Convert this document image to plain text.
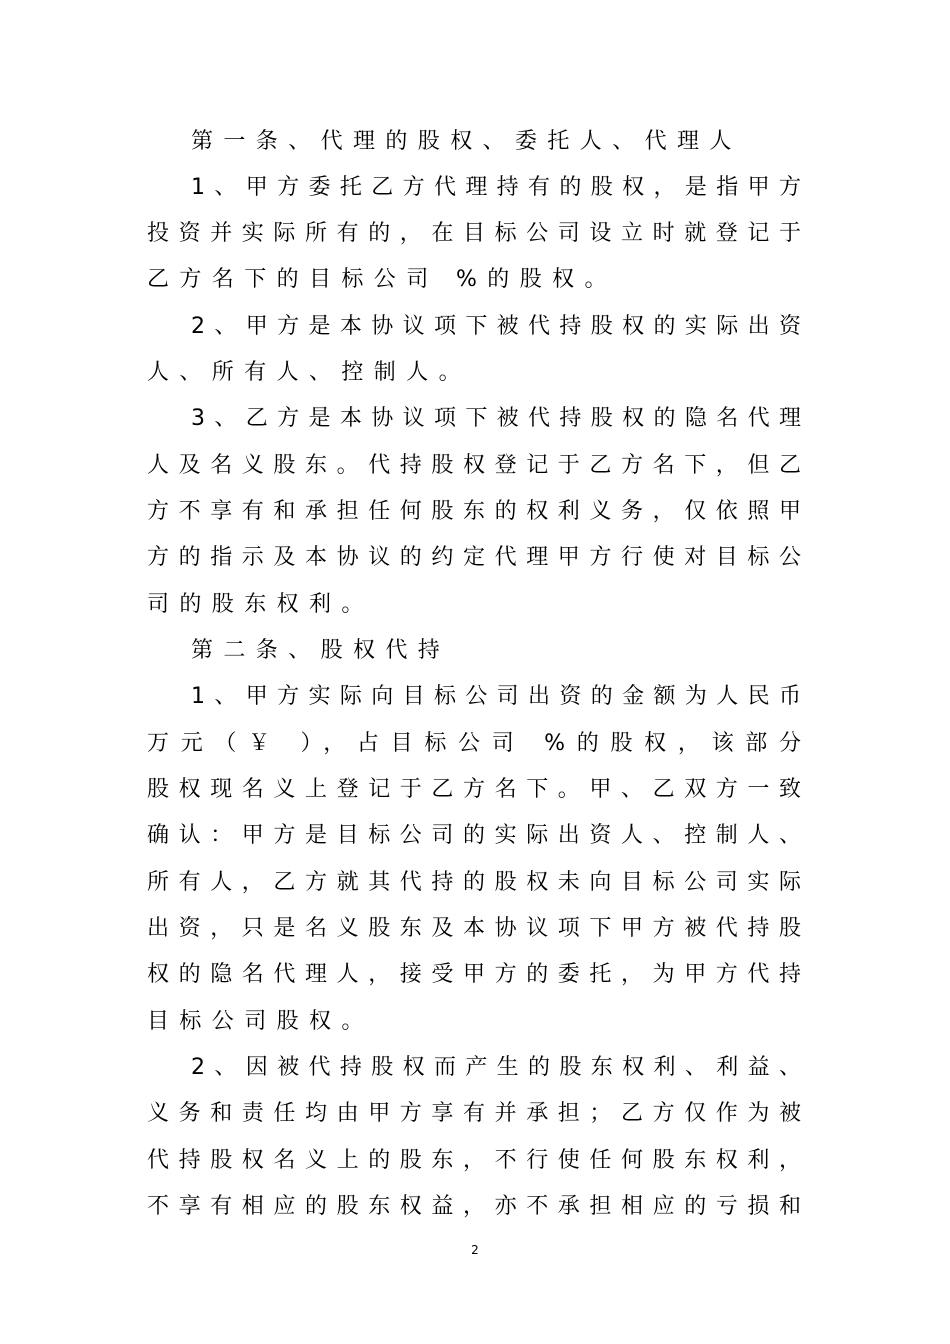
第一条、代理的股权、委托人、代理人
1、甲方委托乙方代理持有的股权，是指甲方
投资并实际所有的，在目标公司设立时就登记于
乙方名下的目标公司 %的股权。
2、甲方是本协议项下被代持股权的实际出资
人、所有人、控制人。
3、乙方是本协议项下被代持股权的隐名代理
人及名义股东。代持股权登记于乙方名下，但乙
方不享有和承担任何股东的权利义务，仅依照甲
方的指示及本协议的约定代理甲方行使对目标公
司的股东权利。
第二条、股权代持
1、甲方实际向目标公司出资的金额为人民币
万元（￥ ），占目标公司 %的股权，该部分
股权现名义上登记于乙方名下。甲、乙双方一致
确认：甲方是目标公司的实际出资人、控制人、
所有人，乙方就其代持的股权未向目标公司实际
出资，只是名义股东及本协议项下甲方被代持股
权的隐名代理人，接受甲方的委托，为甲方代持
目标公司股权。
2、因被代持股权而产生的股东权利、利益、
义务和责任均由甲方享有并承担；乙方仅作为被
代持股权名义上的股东，不行使任何股东权利，
不享有相应的股东权益，亦不承担相应的亏损和
2
